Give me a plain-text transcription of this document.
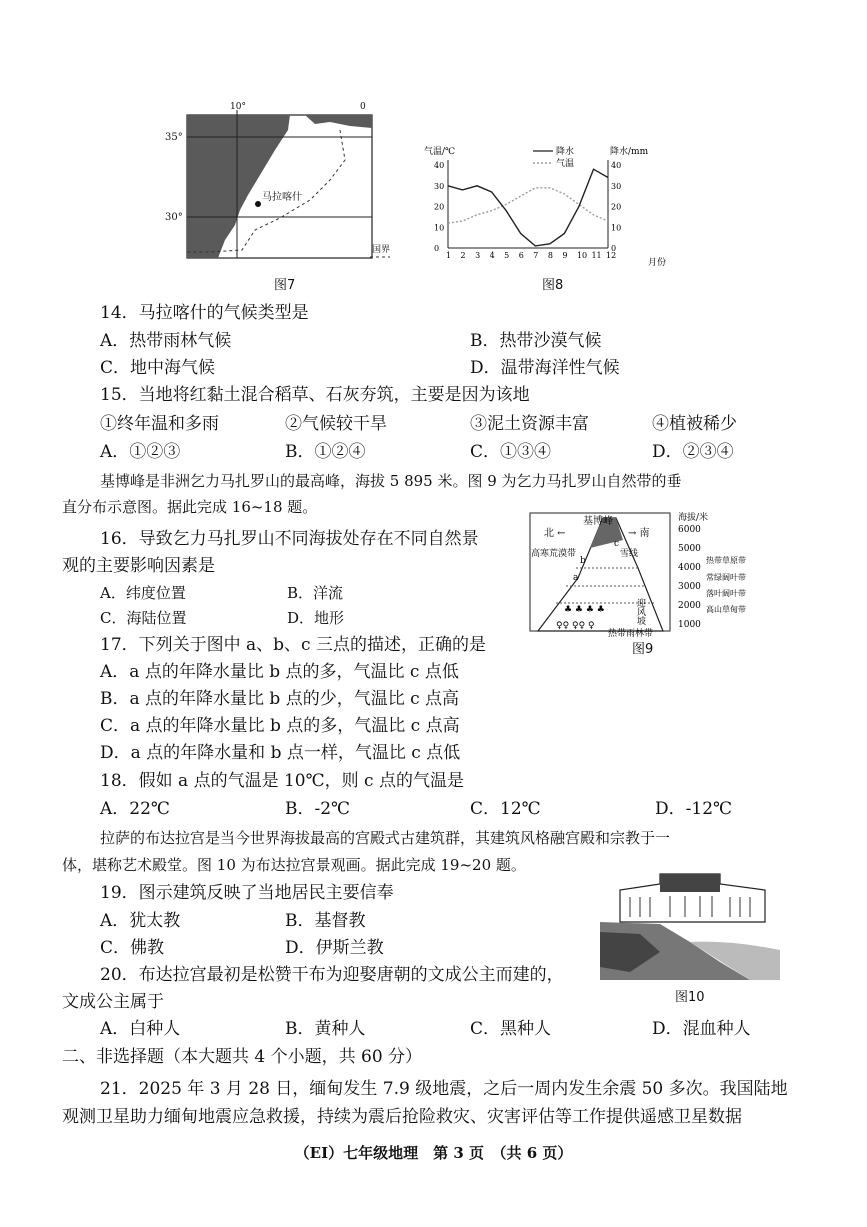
马拉喀什
10°	0
35°
30°
国界
图7
气温/℃	降水/mm
降水
气温
0
10
20
30
40
0
10
20
30
40
1 2 3 4 5 6 7 8 9 10 11 12
月份
图8
14．马拉喀什的气候类型是
A．热带雨林气候	B．热带沙漠气候
C．地中海气候	D．温带海洋性气候
15．当地将红黏土混合稻草、石灰夯筑，主要是因为该地
①终年温和多雨	②气候较干旱	③泥土资源丰富	④植被稀少
A．①②③	B．①②④	C．①③④	D．②③④
基博峰是非洲乞力马扎罗山的最高峰，海拔 5 895 米。图 9 为乞力马扎罗山自然带的垂
直分布示意图。据此完成 16~18 题。
基博峰
北 ←	→ 南
高寒荒漠带	雪线
迎风坡
a
b
c
♣ ♣ ♣ ♣
♀♀ ♀♀ ♀
热带雨林带
海拔/米
6000
5000
4000
3000
2000
1000
热带草原带
常绿阔叶带
落叶阔叶带
高山草甸带
图9
16．导致乞力马扎罗山不同海拔处存在不同自然景
观的主要影响因素是
A．纬度位置	B．洋流
C．海陆位置	D．地形
17．下列关于图中 a、b、c 三点的描述，正确的是
A．a 点的年降水量比 b 点的多，气温比 c 点低
B．a 点的年降水量比 b 点的少，气温比 c 点高
C．a 点的年降水量比 b 点的多，气温比 c 点高
D．a 点的年降水量和 b 点一样，气温比 c 点低
18．假如 a 点的气温是 10℃，则 c 点的气温是
A．22℃	B．-2℃	C．12℃	D．-12℃
拉萨的布达拉宫是当今世界海拔最高的宫殿式古建筑群，其建筑风格融宫殿和宗教于一
体，堪称艺术殿堂。图 10 为布达拉宫景观画。据此完成 19~20 题。
图10
19．图示建筑反映了当地居民主要信奉
A．犹太教	B．基督教
C．佛教	D．伊斯兰教
20．布达拉宫最初是松赞干布为迎娶唐朝的文成公主而建的，
文成公主属于
A．白种人	B．黄种人	C．黑种人	D．混血种人
二、非选择题（本大题共 4 个小题，共 60 分）
21．2025 年 3 月 28 日，缅甸发生 7.9 级地震，之后一周内发生余震 50 多次。我国陆地
观测卫星助力缅甸地震应急救援，持续为震后抢险救灾、灾害评估等工作提供遥感卫星数据
（EI）七年级地理　第 3 页　（共 6 页）
